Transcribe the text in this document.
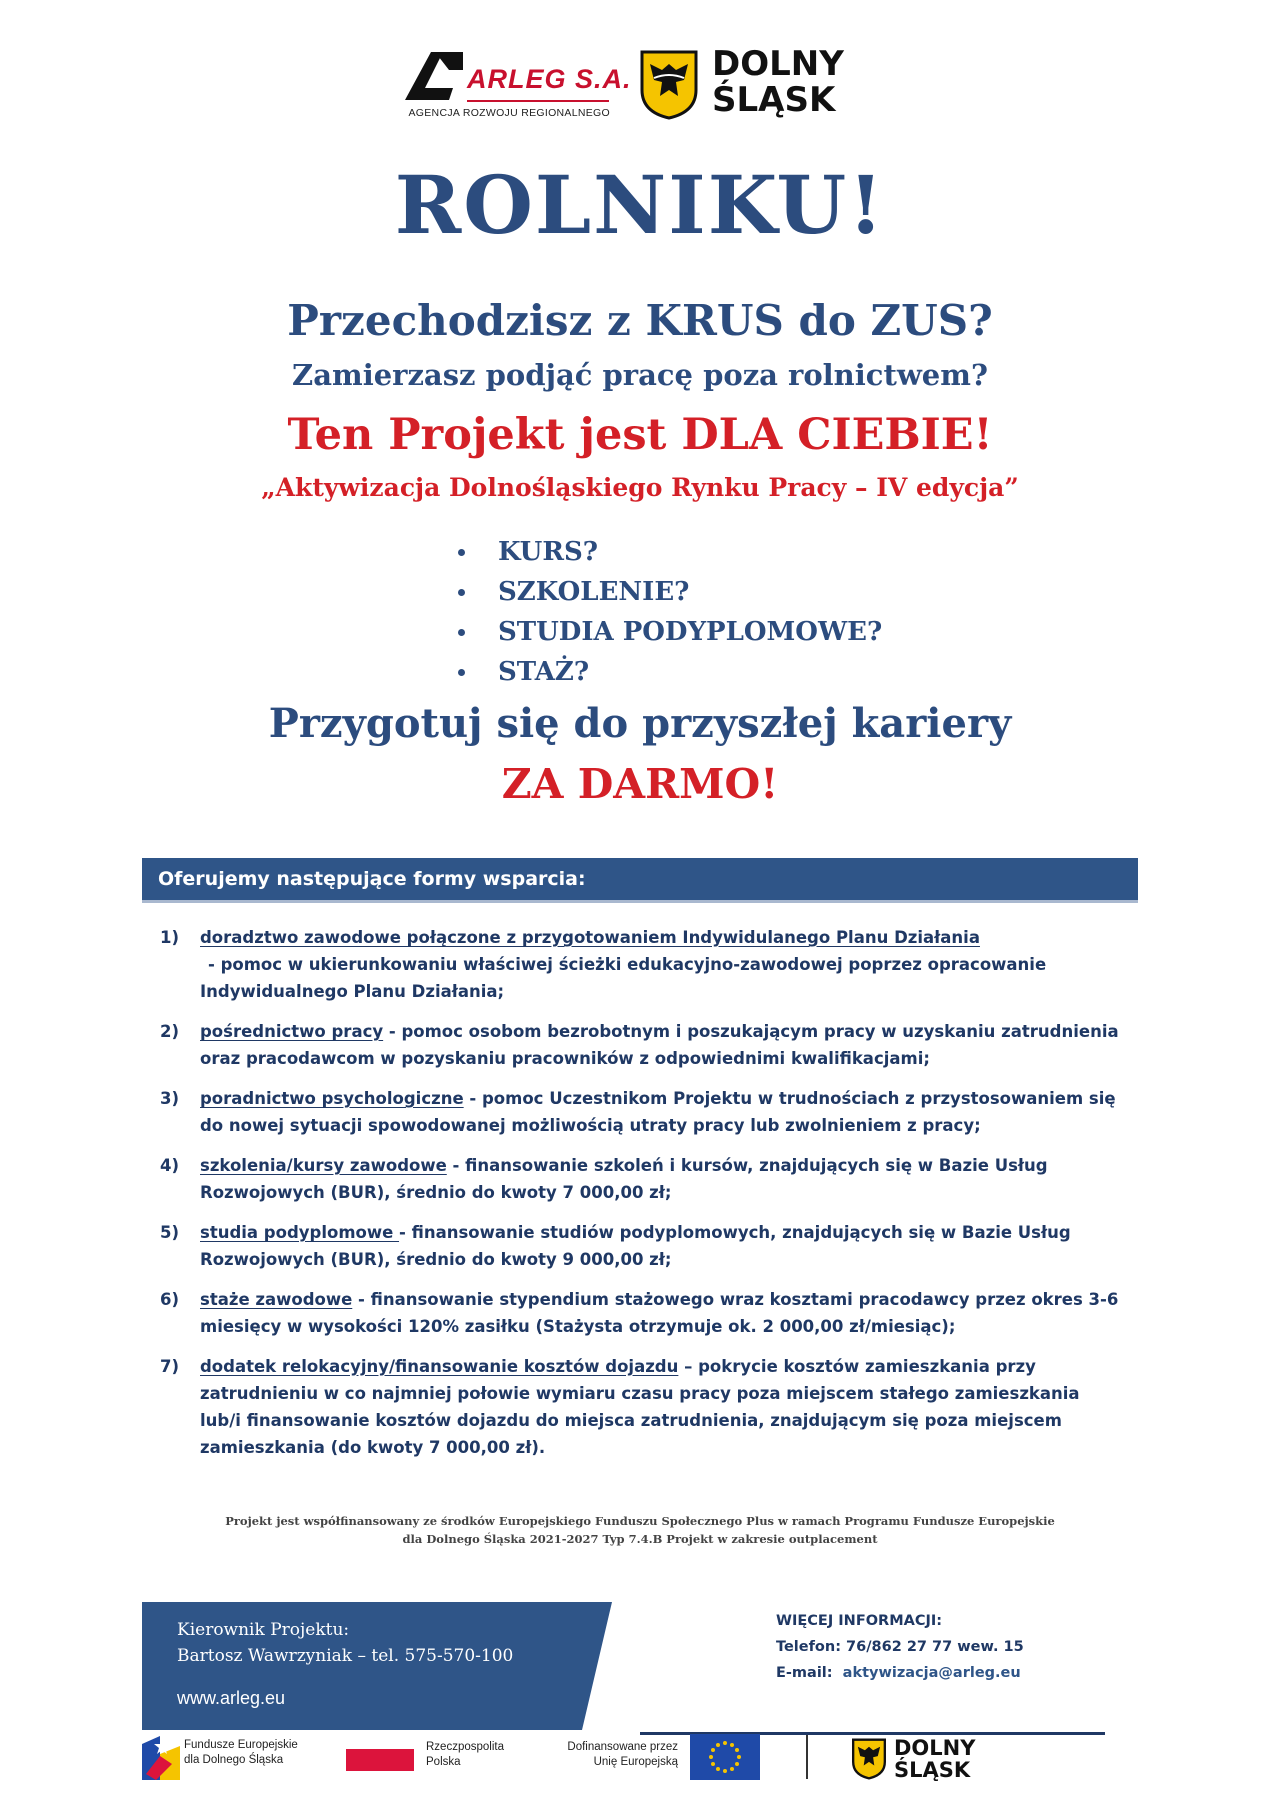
ARLEG S.A.
AGENCJA ROZWOJU REGIONALNEGO
DOLNY
ŚLĄSK
ROLNIKU!
Przechodzisz z KRUS do ZUS?
Zamierzasz podjąć pracę poza rolnictwem?
Ten Projekt jest DLA CIEBIE!
„Aktywizacja Dolnośląskiego Rynku Pracy – IV edycja”
KURS?
SZKOLENIE?
STUDIA PODYPLOMOWE?
STAŻ?
Przygotuj się do przyszłej kariery
ZA DARMO!
Oferujemy następujące formy wsparcia:
1) doradztwo zawodowe połączone z przygotowaniem Indywidulanego Planu Działania
- pomoc w ukierunkowaniu właściwej ścieżki edukacyjno-zawodowej poprzez opracowanie Indywidualnego Planu Działania;
2) pośrednictwo pracy - pomoc osobom bezrobotnym i poszukającym pracy w uzyskaniu zatrudnienia oraz pracodawcom w pozyskaniu pracowników z odpowiednimi kwalifikacjami;
3) poradnictwo psychologiczne - pomoc Uczestnikom Projektu w trudnościach z przystosowaniem się do nowej sytuacji spowodowanej możliwością utraty pracy lub zwolnieniem z pracy;
4) szkolenia/kursy zawodowe - finansowanie szkoleń i kursów, znajdujących się w Bazie Usług Rozwojowych (BUR), średnio do kwoty 7 000,00 zł;
5) studia podyplomowe - finansowanie studiów podyplomowych, znajdujących się w Bazie Usług Rozwojowych (BUR), średnio do kwoty 9 000,00 zł;
6) staże zawodowe - finansowanie stypendium stażowego wraz kosztami pracodawcy przez okres 3-6 miesięcy w wysokości 120% zasiłku (Stażysta otrzymuje ok. 2 000,00 zł/miesiąc);
7) dodatek relokacyjny/finansowanie kosztów dojazdu – pokrycie kosztów zamieszkania przy zatrudnieniu w co najmniej połowie wymiaru czasu pracy poza miejscem stałego zamieszkania lub/i finansowanie kosztów dojazdu do miejsca zatrudnienia, znajdującym się poza miejscem zamieszkania (do kwoty 7 000,00 zł).
Projekt jest współfinansowany ze środków Europejskiego Funduszu Społecznego Plus w ramach Programu Fundusze Europejskie
dla Dolnego Śląska 2021-2027 Typ 7.4.B Projekt w zakresie outplacement
Kierownik Projektu:
Bartosz Wawrzyniak – tel. 575-570-100
www.arleg.eu
WIĘCEJ INFORMACJI:
Telefon: 76/862 27 77 wew. 15
E-mail: aktywizacja@arleg.eu
Fundusze Europejskie
dla Dolnego Śląska
Rzeczpospolita
Polska
Dofinansowane przez
Unię Europejską
DOLNY
ŚLĄSK
